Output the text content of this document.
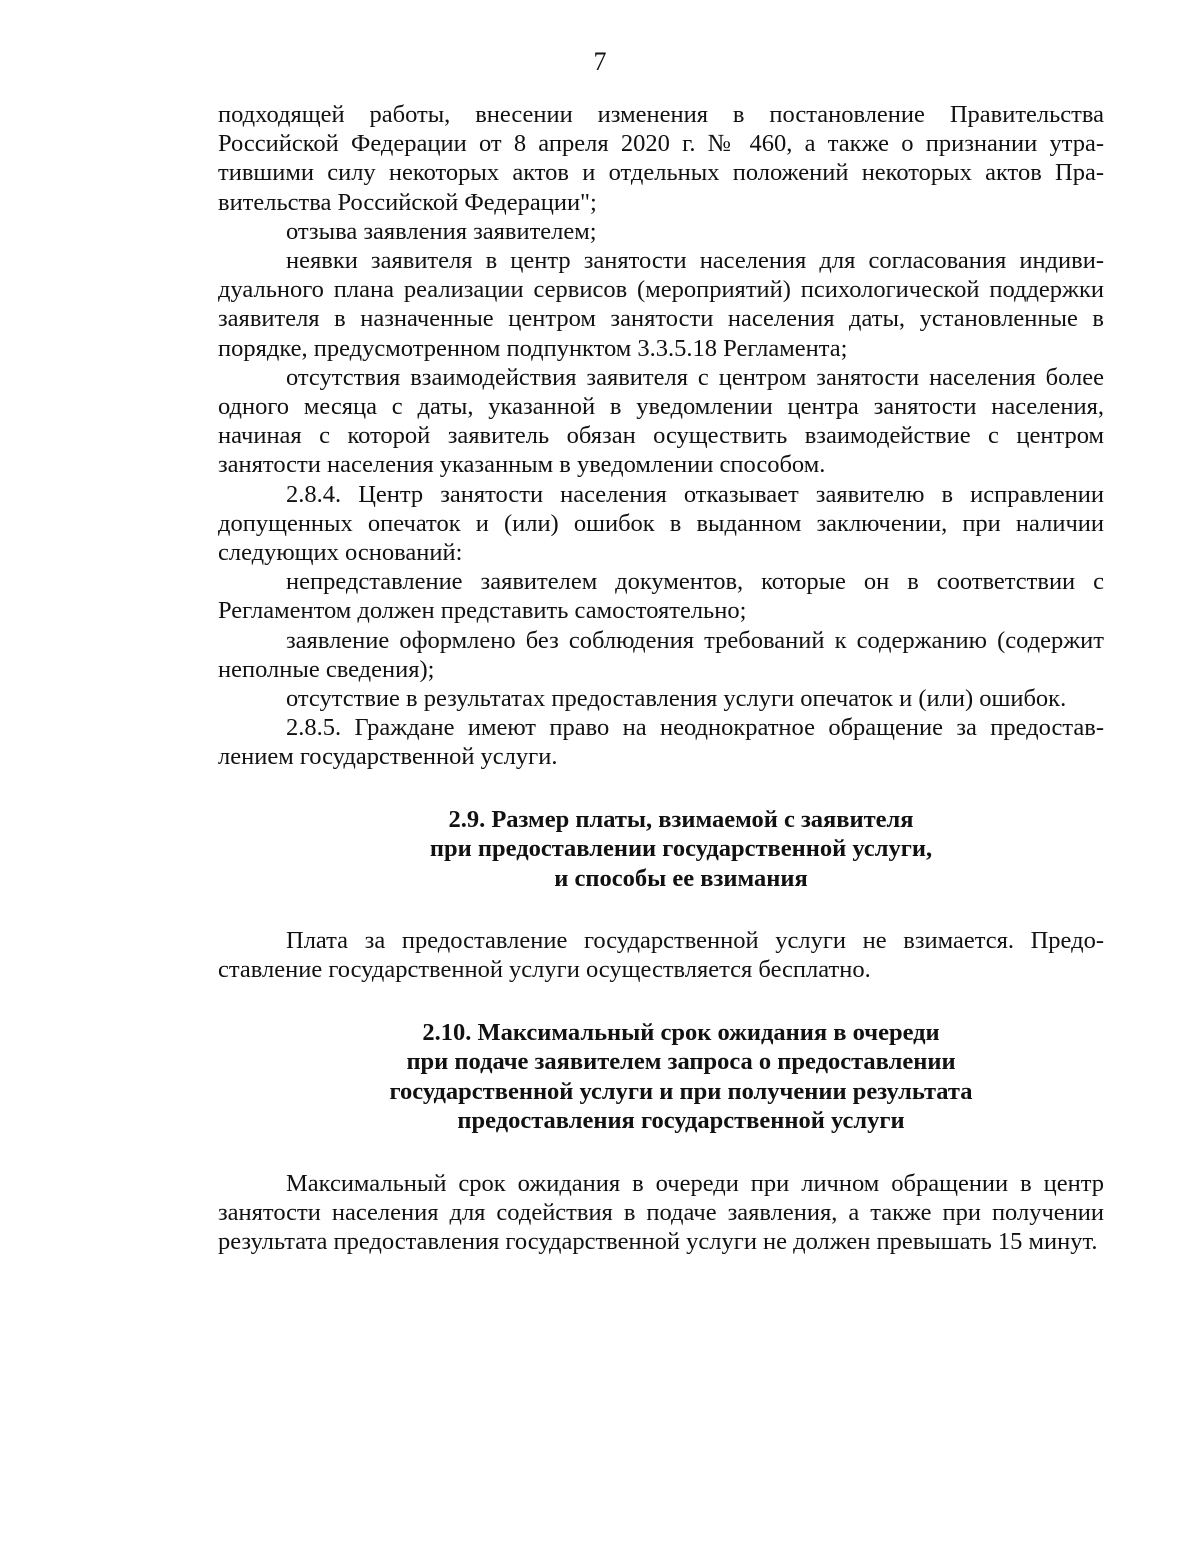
7

подходящей работы, внесении изменения в постановление Правительства Российской Федерации от 8 апреля 2020 г. № 460, а также о признании утратившими силу некоторых актов и отдельных положений некоторых актов Правительства Российской Федерации";

отзыва заявления заявителем;

неявки заявителя в центр занятости населения для согласования индивидуального плана реализации сервисов (мероприятий) психологической поддержки заявителя в назначенные центром занятости населения даты, установленные в порядке, предусмотренном подпунктом 3.3.5.18 Регламента;

отсутствия взаимодействия заявителя с центром занятости населения более одного месяца с даты, указанной в уведомлении центра занятости населения, начиная с которой заявитель обязан осуществить взаимодействие с центром занятости населения указанным в уведомлении способом.

2.8.4. Центр занятости населения отказывает заявителю в исправлении допущенных опечаток и (или) ошибок в выданном заключении, при наличии следующих оснований:

непредставление заявителем документов, которые он в соответствии с Регламентом должен представить самостоятельно;

заявление оформлено без соблюдения требований к содержанию (содержит неполные сведения);

отсутствие в результатах предоставления услуги опечаток и (или) ошибок.

2.8.5. Граждане имеют право на неоднократное обращение за предоставлением государственной услуги.

2.9. Размер платы, взимаемой с заявителя
при предоставлении государственной услуги,
и способы ее взимания

Плата за предоставление государственной услуги не взимается. Предоставление государственной услуги осуществляется бесплатно.

2.10. Максимальный срок ожидания в очереди
при подаче заявителем запроса о предоставлении
государственной услуги и при получении результата
предоставления государственной услуги

Максимальный срок ожидания в очереди при личном обращении в центр занятости населения для содействия в подаче заявления, а также при получении результата предоставления государственной услуги не должен превышать 15 минут.
